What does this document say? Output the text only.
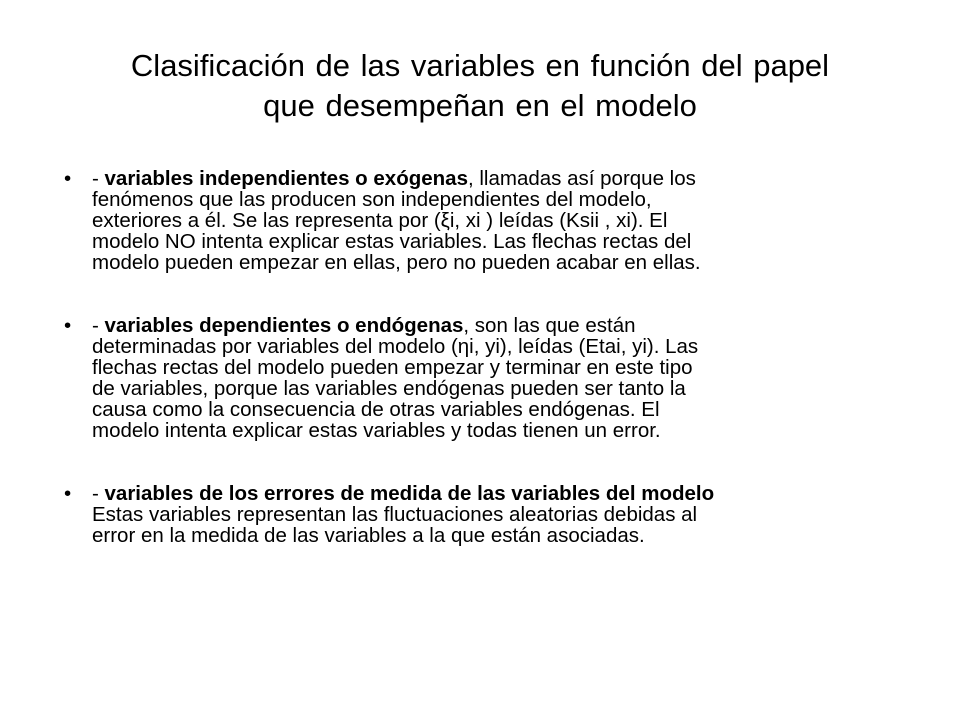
Clasificación de las variables en función del papel
que desempeñan en el modelo
• - variables independientes o exógenas, llamadas así porque los
fenómenos que las producen son independientes del modelo,
exteriores a él. Se las representa por (ξi, xi ) leídas (Ksii , xi). El
modelo NO intenta explicar estas variables. Las flechas rectas del
modelo pueden empezar en ellas, pero no pueden acabar en ellas.
• - variables dependientes o endógenas, son las que están
determinadas por variables del modelo (ηi, yi), leídas (Etai, yi). Las
flechas rectas del modelo pueden empezar y terminar en este tipo
de variables, porque las variables endógenas pueden ser tanto la
causa como la consecuencia de otras variables endógenas. El
modelo intenta explicar estas variables y todas tienen un error.
• - variables de los errores de medida de las variables del modelo
Estas variables representan las fluctuaciones aleatorias debidas al
error en la medida de las variables a la que están asociadas.
